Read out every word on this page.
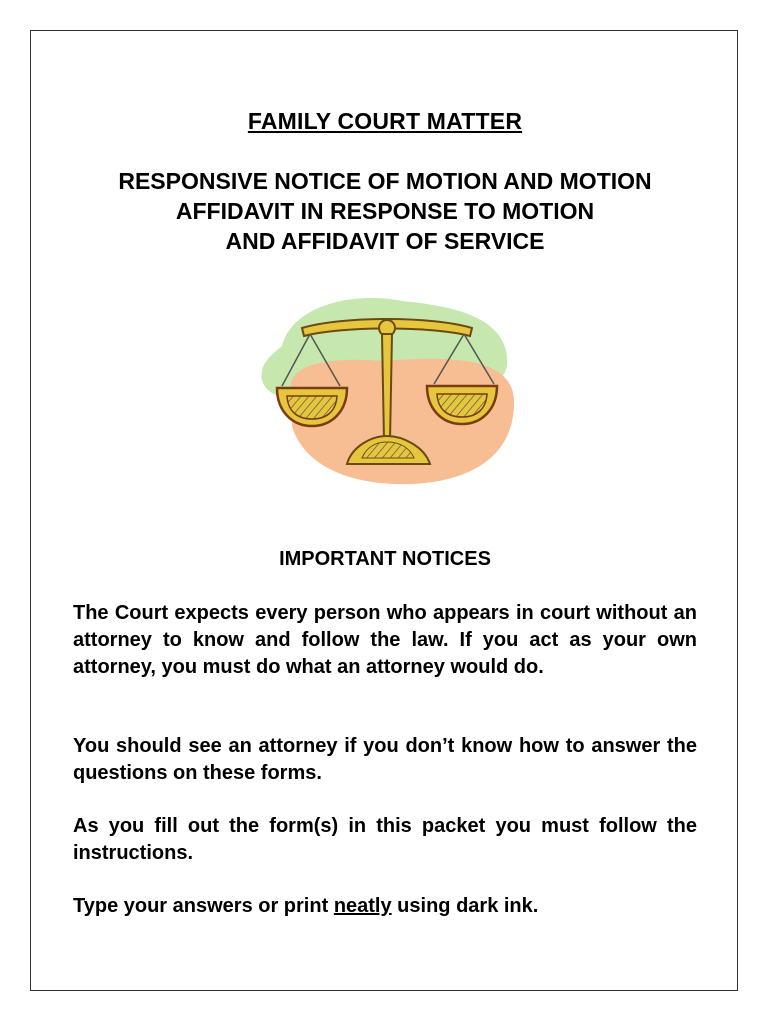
FAMILY COURT MATTER
RESPONSIVE NOTICE OF MOTION AND MOTION
AFFIDAVIT IN RESPONSE TO MOTION
AND AFFIDAVIT OF SERVICE
IMPORTANT NOTICES
The Court expects every person who appears in court without an attorney to know and follow the law. If you act as your own attorney, you must do what an attorney would do.
You should see an attorney if you don’t know how to answer the questions on these forms.
As you fill out the form(s) in this packet you must follow the instructions.
Type your answers or print neatly using dark ink.
